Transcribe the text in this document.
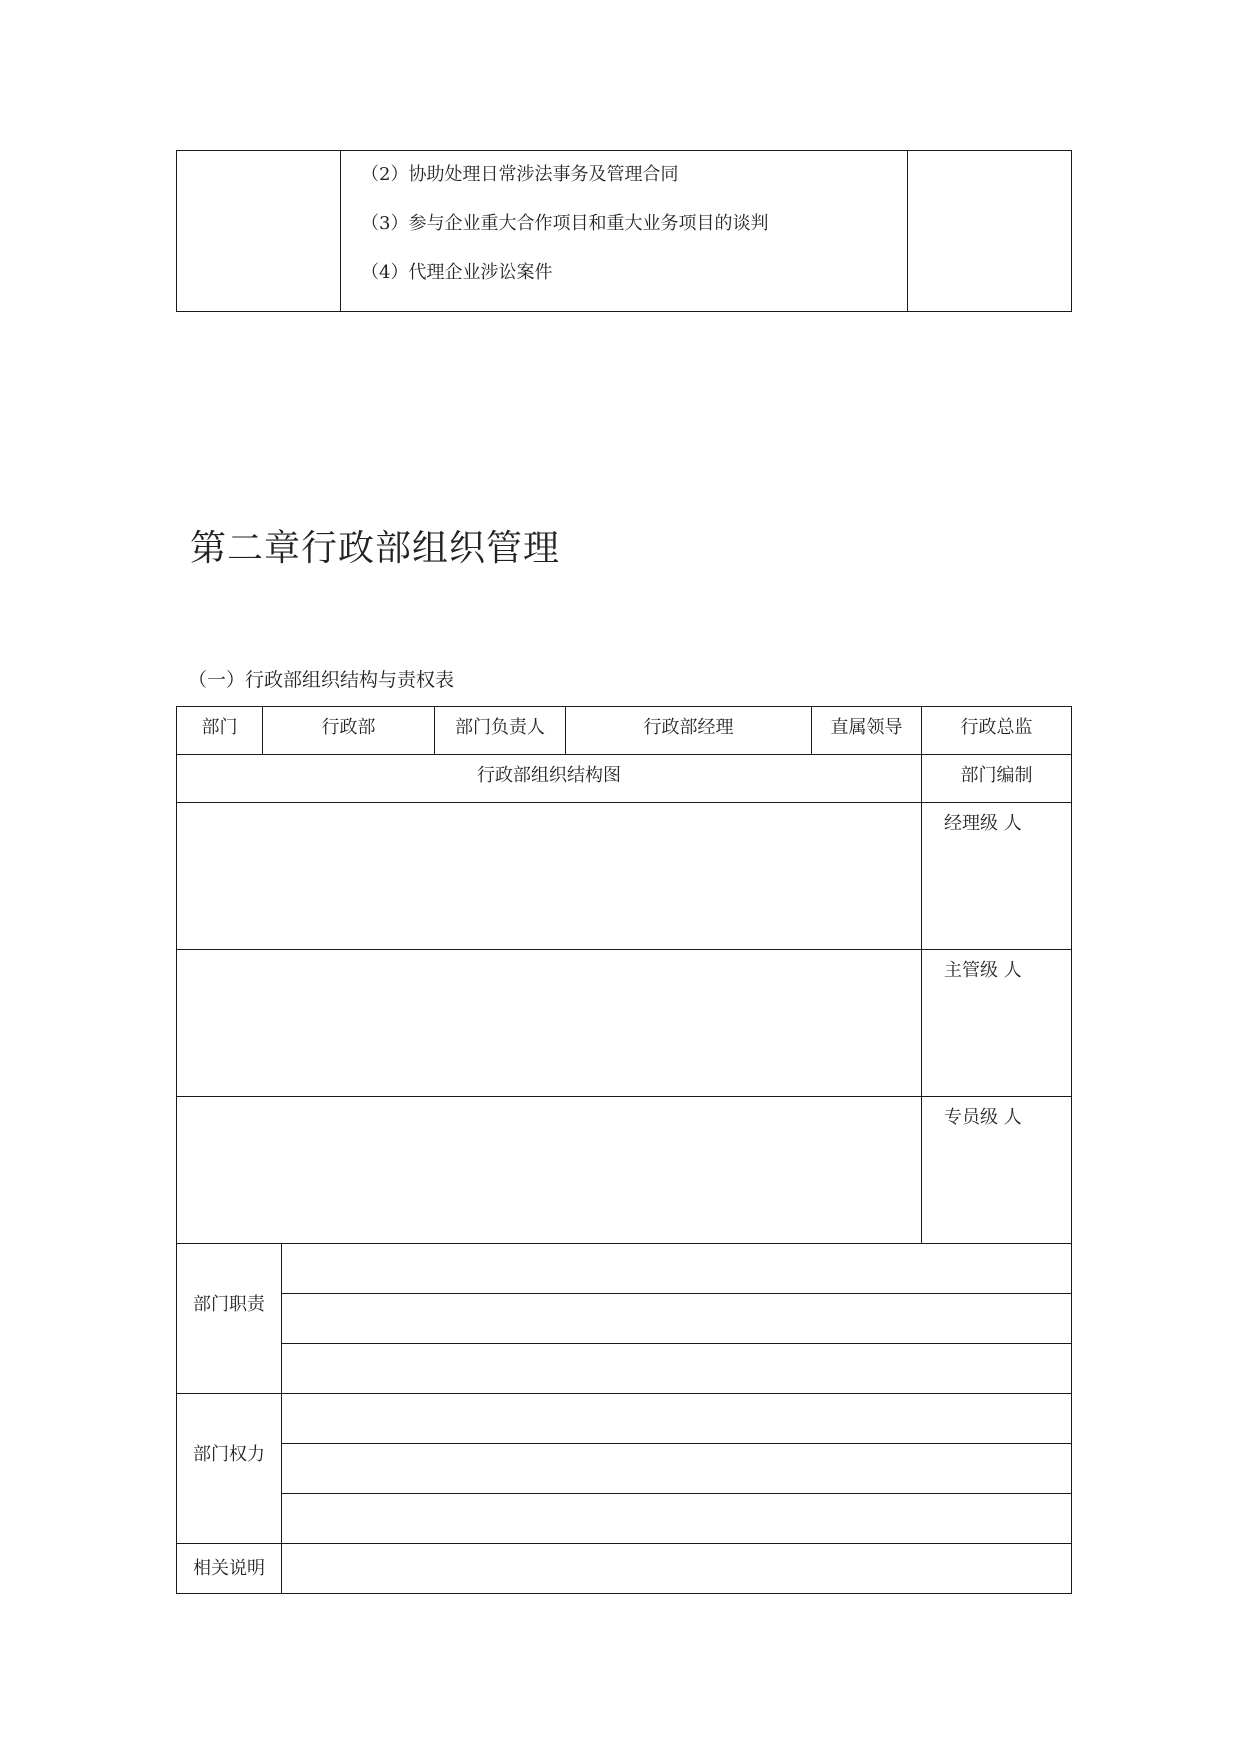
（2）协助处理日常涉法事务及管理合同
（3）参与企业重大合作项目和重大业务项目的谈判
（4）代理企业涉讼案件

第二章行政部组织管理
（一）行政部组织结构与责权表
部门	行政部		部门负责人	行政部经理	直属领导	行政总监
行政部组织结构图						部门编制
						经理级 人
						主管级 人
						专员级 人
部门职责						

部门权力						

相关说明						
